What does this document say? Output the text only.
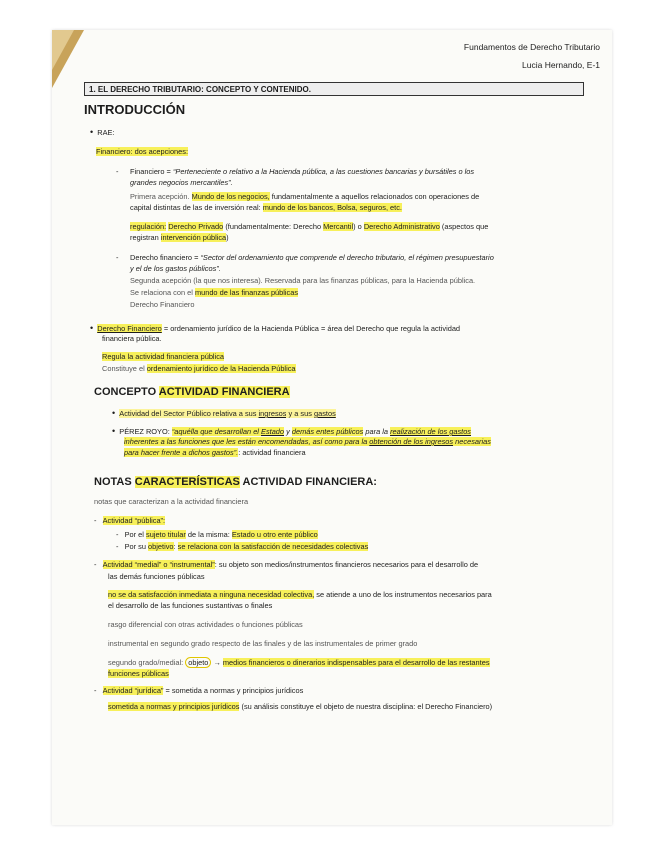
Fundamentos de Derecho Tributario
Lucia Hernando, E-1
1. EL DERECHO TRIBUTARIO: CONCEPTO Y CONTENIDO.
INTRODUCCIÓN
• RAE:
Financiero: dos acepciones:
- Financiero = “Perteneciente o relativo a la Hacienda pública, a las cuestiones bancarias y bursátiles o los
grandes negocios mercantiles”.
Primera acepción. Mundo de los negocios, fundamentalmente a aquellos relacionados con operaciones de
capital distintas de las de inversión real: mundo de los bancos, Bolsa, seguros, etc.
regulación: Derecho Privado (fundamentalmente: Derecho Mercantil) o Derecho Administrativo (aspectos que
registran intervención pública)
- Derecho financiero = “Sector del ordenamiento que comprende el derecho tributario, el régimen presupuestario
y el de los gastos públicos”.
Segunda acepción (la que nos interesa). Reservada para las finanzas públicas, para la Hacienda pública.
Se relaciona con el mundo de las finanzas públicas
Derecho Financiero
• Derecho Financiero = ordenamiento jurídico de la Hacienda Pública = área del Derecho que regula la actividad
financiera pública.
Regula la actividad financiera pública
Constituye el ordenamiento jurídico de la Hacienda Pública
CONCEPTO ACTIVIDAD FINANCIERA
• Actividad del Sector Público relativa a sus ingresos y a sus gastos
• PÉREZ ROYO: “aquélla que desarrollan el Estado y demás entes públicos para la realización de los gastos
inherentes a las funciones que les están encomendadas, así como para la obtención de los ingresos necesarias
para hacer frente a dichos gastos”.: actividad financiera
NOTAS CARACTERÍSTICAS ACTIVIDAD FINANCIERA:
notas que caracterizan a la actividad financiera
-   Actividad “pública”:
-   Por el sujeto titular de la misma: Estado u otro ente público
-   Por su objetivo: se relaciona con la satisfacción de necesidades colectivas
-   Actividad “medial” o “instrumental”: su objeto son medios/instrumentos financieros necesarios para el desarrollo de
las demás funciones públicas
no se da satisfacción inmediata a ninguna necesidad colectiva, se atiende a uno de los instrumentos necesarios para
el desarrollo de las funciones sustantivas o finales
rasgo diferencial con otras actividades o funciones públicas
instrumental en segundo grado respecto de las finales y de las instrumentales de primer grado
segundo grado/medial: objeto → medios financieros o dinerarios indispensables para el desarrollo de las restantes
funciones públicas
-   Actividad “jurídica” = sometida a normas y principios jurídicos
sometida a normas y principios jurídicos (su análisis constituye el objeto de nuestra disciplina: el Derecho Financiero)
